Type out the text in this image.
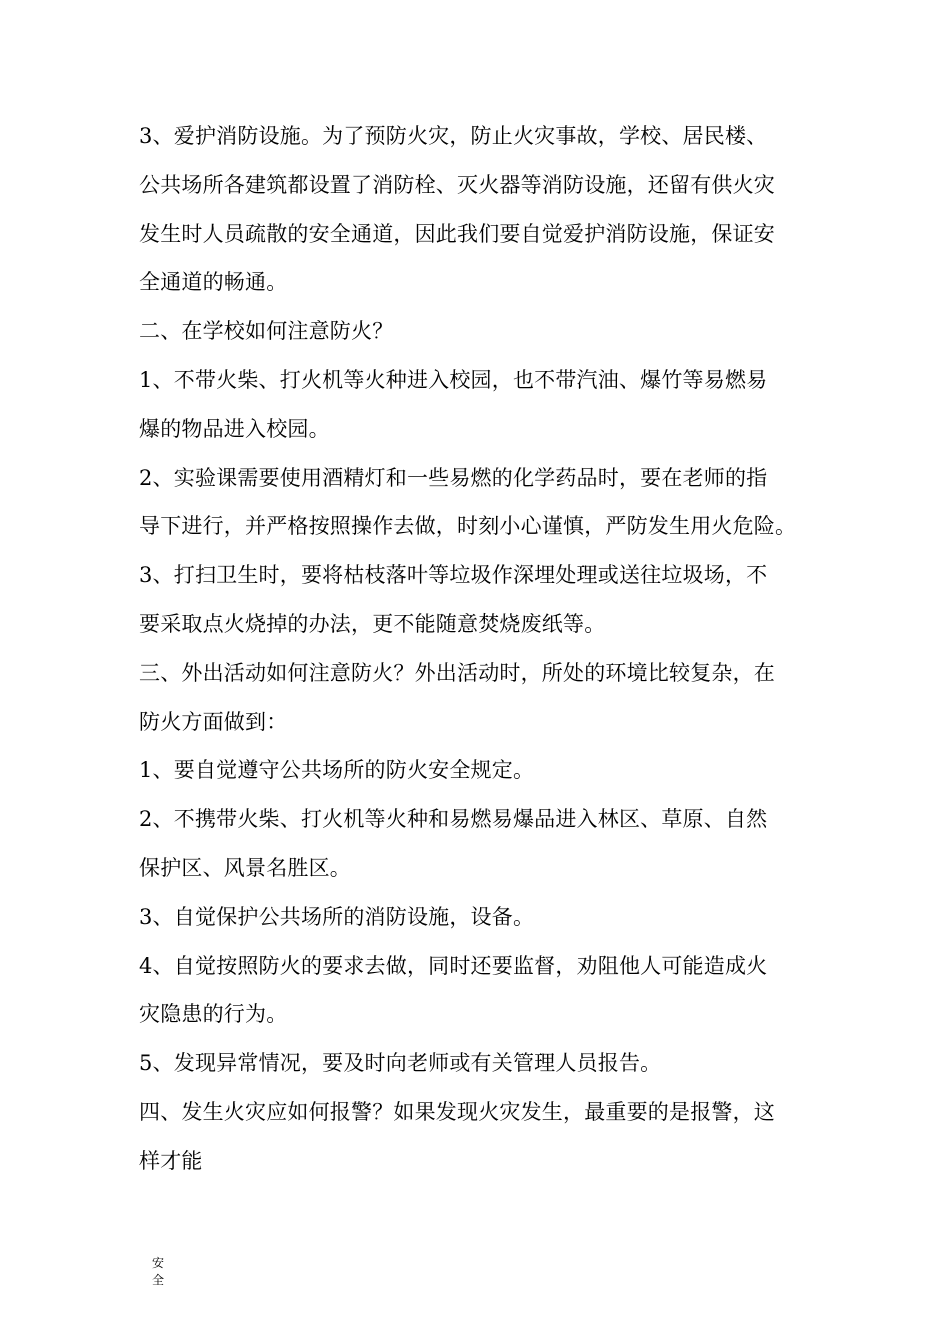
3、爱护消防设施。为了预防火灾，防止火灾事故，学校、居民楼、
公共场所各建筑都设置了消防栓、灭火器等消防设施，还留有供火灾
发生时人员疏散的安全通道，因此我们要自觉爱护消防设施，保证安
全通道的畅通。
二、在学校如何注意防火？
1、不带火柴、打火机等火种进入校园，也不带汽油、爆竹等易燃易
爆的物品进入校园。
2、实验课需要使用酒精灯和一些易燃的化学药品时，要在老师的指
导下进行，并严格按照操作去做，时刻小心谨慎，严防发生用火危险。
3、打扫卫生时，要将枯枝落叶等垃圾作深埋处理或送往垃圾场，不
要采取点火烧掉的办法，更不能随意焚烧废纸等。
三、外出活动如何注意防火？外出活动时，所处的环境比较复杂，在
防火方面做到：
1、要自觉遵守公共场所的防火安全规定。
2、不携带火柴、打火机等火种和易燃易爆品进入林区、草原、自然
保护区、风景名胜区。
3、自觉保护公共场所的消防设施，设备。
4、自觉按照防火的要求去做，同时还要监督，劝阻他人可能造成火
灾隐患的行为。
5、发现异常情况，要及时向老师或有关管理人员报告。
四、发生火灾应如何报警？如果发现火灾发生，最重要的是报警，这
样才能
安
全
